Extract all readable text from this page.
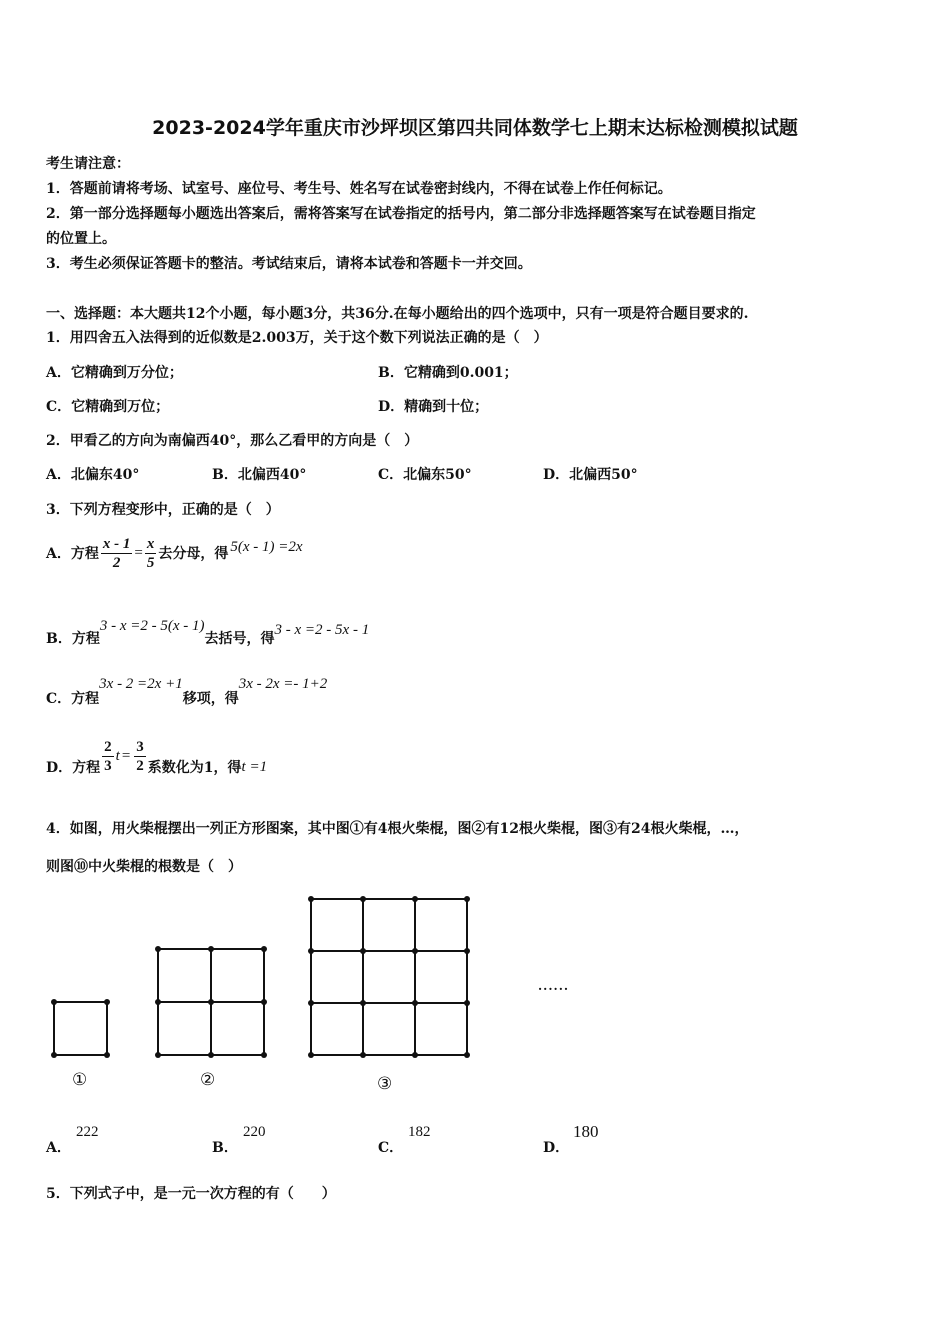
2023-2024学年重庆市沙坪坝区第四共同体数学七上期末达标检测模拟试题
考生请注意：
1．答题前请将考场、试室号、座位号、考生号、姓名写在试卷密封线内，不得在试卷上作任何标记。
2．第一部分选择题每小题选出答案后，需将答案写在试卷指定的括号内，第二部分非选择题答案写在试卷题目指定
的位置上。
3．考生必须保证答题卡的整洁。考试结束后，请将本试卷和答题卡一并交回。
一、选择题：本大题共12个小题，每小题3分，共36分.在每小题给出的四个选项中，只有一项是符合题目要求的.
1．用四舍五入法得到的近似数是2.003万，关于这个数下列说法正确的是（　）
A．它精确到万分位；	B．它精确到0.001；
C．它精确到万位；	D．精确到十位；
2．甲看乙的方向为南偏西40°，那么乙看甲的方向是（　）
A．北偏东40°	B．北偏西40°	C．北偏东50°	D．北偏西50°
3．下列方程变形中，正确的是（　）
A．方程 $\frac{x - 1}{2} = \frac{x}{5}$ 去分母，得 5(x - 1) =2x
B．方程
3 - x =2 - 5(x - 1)
去括号，得
3 - x =2 - 5x - 1
C．方程
3x - 2 =2x +1
移项，得
3x - 2x =- 1+2
D．方程 $\frac{2}{3}$ $t = \frac{3}{2}$ 系数化为1，得 t =1
4．如图，用火柴棍摆出一列正方形图案，其中图①有4根火柴棍，图②有12根火柴棍，图③有24根火柴棍，…，
则图⑩中火柴棍的根数是（　）
①	②	③
······
A．
222
B．
220
C．
182
D．
180
5．下列式子中，是一元一次方程的有（　　）
